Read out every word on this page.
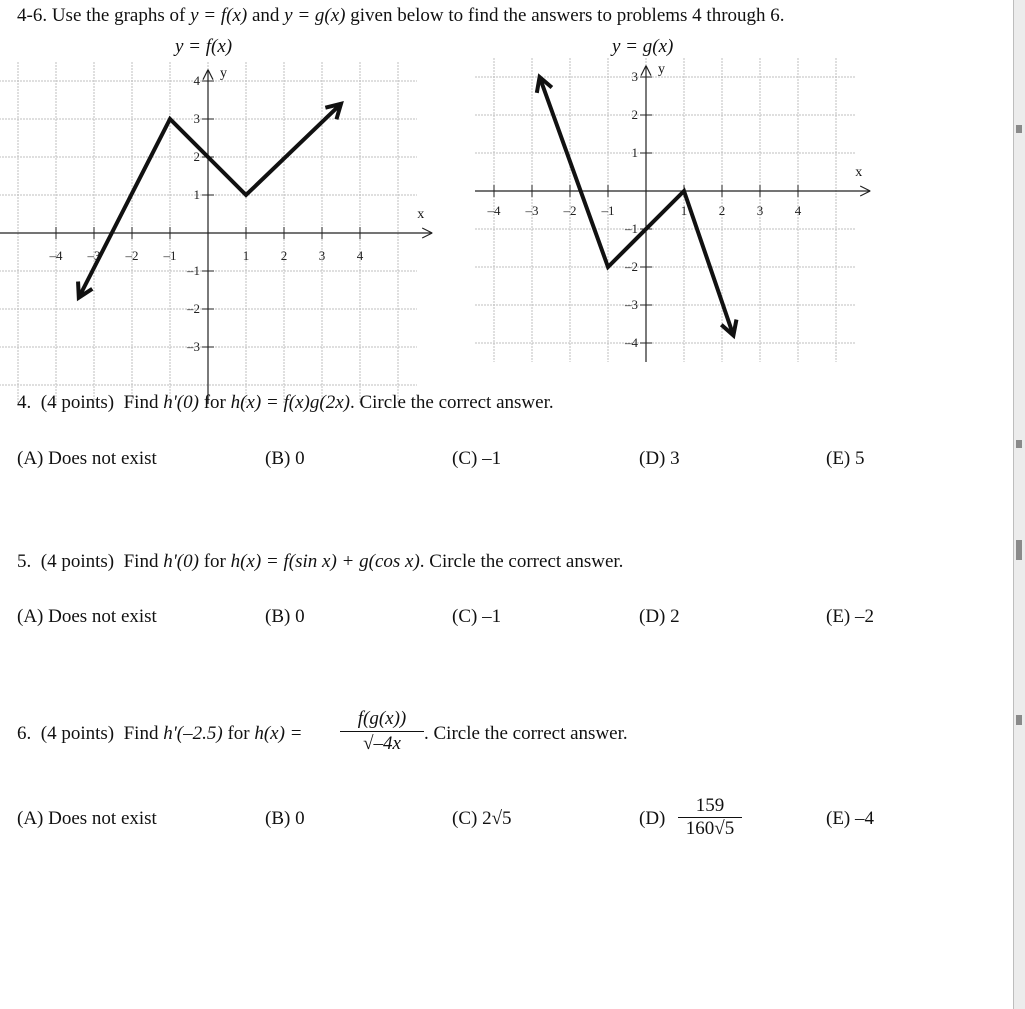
4-6. Use the graphs of y = f(x) and y = g(x) given below to find the answers to problems 4 through 6.
y = f(x)	y = g(x)
–4 –3 –2 –1	1 2 3 4
4
3
2
1
–1
–2
–3
x
y
–4 –3 –2 –1	1 2 3 4
3
2
1
–1
–2
–3
–4
x
y
4. (4 points) Find h'(0) for h(x) = f(x)g(2x). Circle the correct answer.
(A) Does not exist	(B) 0	(C) –1	(D) 3	(E) 5
5. (4 points) Find h'(0) for h(x) = f(sin x) + g(cos x). Circle the correct answer.
(A) Does not exist	(B) 0	(C) –1	(D) 2	(E) –2
6. (4 points) Find h'(–2.5) for $h(x) = \frac{f(g(x))}{√-4x}$ . Circle the correct answer.
(A) Does not exist	(B) 0	(C) 2√5	$(D) \frac{159}{160√5}$	(E) –4
